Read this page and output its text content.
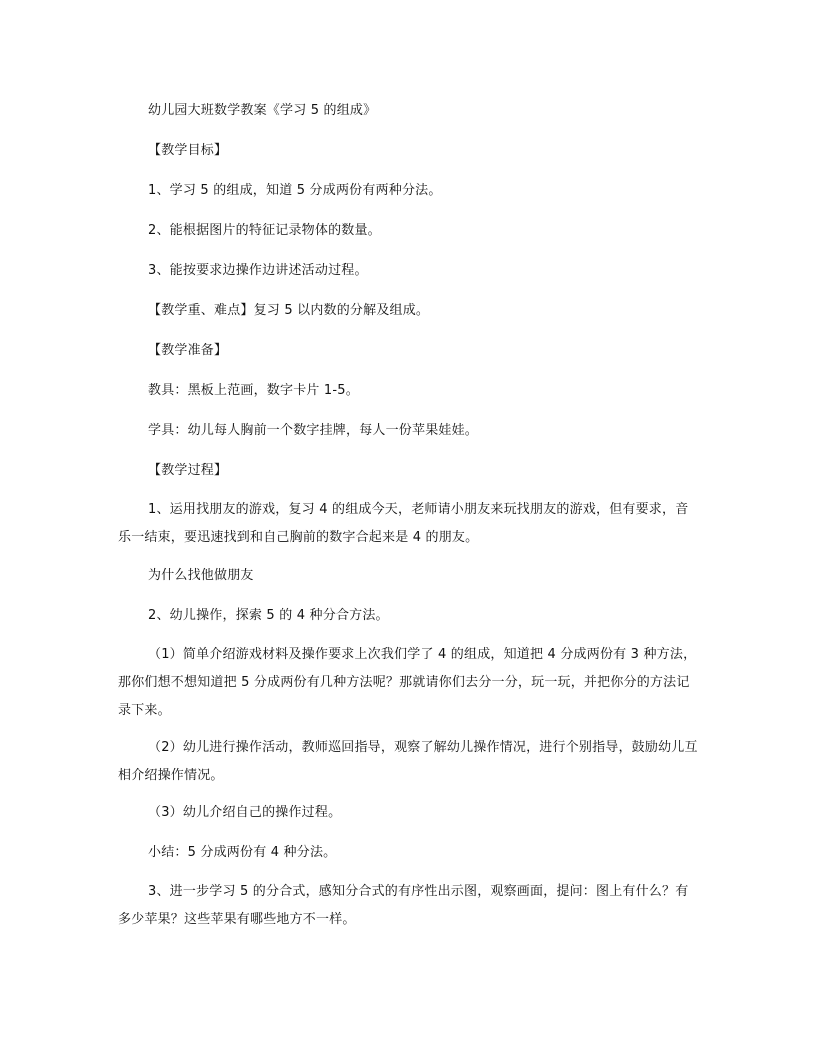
幼儿园大班数学教案《学习 5 的组成》
【教学目标】
1、学习 5 的组成，知道 5 分成两份有两种分法。
2、能根据图片的特征记录物体的数量。
3、能按要求边操作边讲述活动过程。
【教学重、难点】复习 5 以内数的分解及组成。
【教学准备】
教具：黑板上范画，数字卡片 1-5。
学具：幼儿每人胸前一个数字挂牌，每人一份苹果娃娃。
【教学过程】
1、运用找朋友的游戏，复习 4 的组成今天，老师请小朋友来玩找朋友的游戏，但有要求，音乐一结束，要迅速找到和自己胸前的数字合起来是 4 的朋友。
为什么找他做朋友
2、幼儿操作，探索 5 的 4 种分合方法。
（1）简单介绍游戏材料及操作要求上次我们学了 4 的组成，知道把 4 分成两份有 3 种方法，那你们想不想知道把 5 分成两份有几种方法呢？那就请你们去分一分，玩一玩，并把你分的方法记录下来。
（2）幼儿进行操作活动，教师巡回指导，观察了解幼儿操作情况，进行个别指导，鼓励幼儿互相介绍操作情况。
（3）幼儿介绍自己的操作过程。
小结：5 分成两份有 4 种分法。
3、进一步学习 5 的分合式，感知分合式的有序性出示图，观察画面，提问：图上有什么？有多少苹果？这些苹果有哪些地方不一样。
